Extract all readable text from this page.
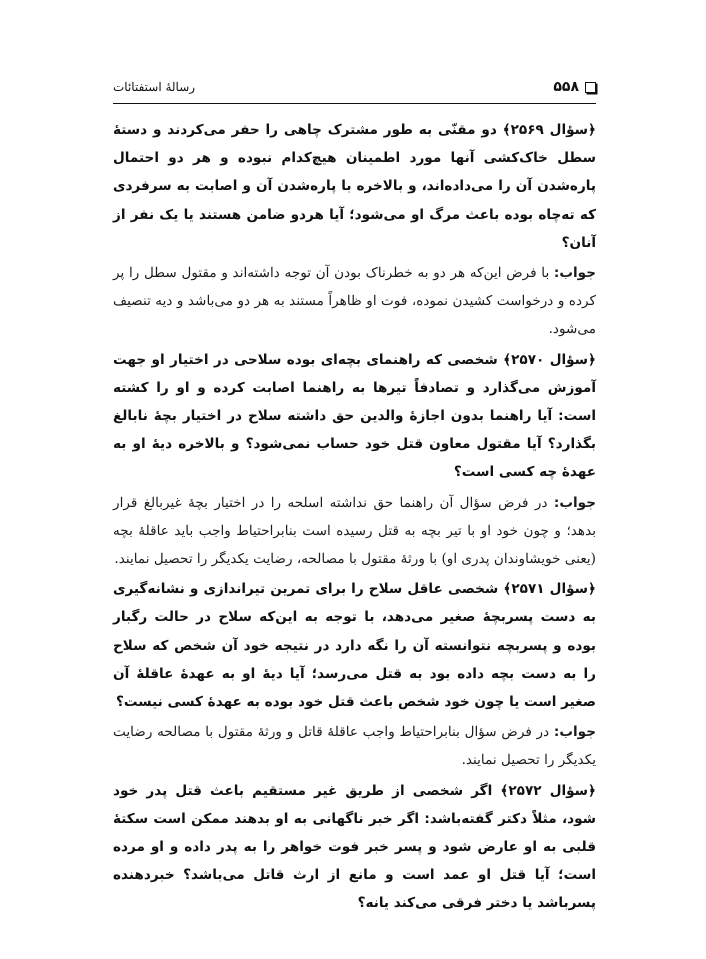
۵۵۸
رسالهٔ استفتائات

﴿سؤال ۲۵۶۹﴾ دو مقنّی به طور مشترک چاهی را حفر می‌کردند و دستهٔ سطل خاک‌کشی آنها مورد اطمینان هیچ‌کدام نبوده و هر دو احتمال پاره‌شدن آن را می‌داده‌اند، و بالاخره با پاره‌شدن آن و اصابت به سرفردی که ته‌چاه بوده باعث مرگ او می‌شود؛ آیا هردو ضامن هستند یا یک نفر از آنان؟

جواب: با فرض این‌که هر دو به خطرناک بودن آن توجه داشته‌اند و مقتول سطل را پر کرده و درخواست کشیدن نموده، فوت او ظاهراً مستند به هر دو می‌باشد و دیه تنصیف می‌شود.

﴿سؤال ۲۵۷۰﴾ شخصی که راهنمای بچه‌ای بوده سلاحی در اختیار او جهت آموزش می‌گذارد و تصادفاً تیرها به راهنما اصابت کرده و او را کشته است: آیا راهنما بدون اجازهٔ والدین حق داشته سلاح در اختیار بچهٔ نابالغ بگذارد؟ آیا مقتول معاون قتل خود حساب نمی‌شود؟ و بالاخره دیهٔ او به عهدهٔ چه کسی است؟

جواب: در فرض سؤال آن راهنما حق نداشته اسلحه را در اختیار بچهٔ غیربالغ قرار بدهد؛ و چون خود او با تیر بچه به قتل رسیده است بنابراحتیاط واجب باید عاقلهٔ بچه (یعنی خویشاوندان پدری او) با ورثهٔ مقتول با مصالحه، رضایت یکدیگر را تحصیل نمایند.

﴿سؤال ۲۵۷۱﴾ شخصی عاقل سلاح را برای تمرین تیراندازی و نشانه‌گیری به دست پسربچهٔ صغیر می‌دهد، با توجه به این‌که سلاح در حالت رگبار بوده و پسربچه نتوانسته آن را نگه دارد در نتیجه خود آن شخص که سلاح را به دست بچه داده بود به قتل می‌رسد؛ آیا دیهٔ او به عهدهٔ عاقلهٔ آن صغیر است یا چون خود شخص باعث قتل خود بوده به عهدهٔ کسی نیست؟

جواب: در فرض سؤال بنابراحتیاط واجب عاقلهٔ قاتل و ورثهٔ مقتول با مصالحه رضایت یکدیگر را تحصیل نمایند.

﴿سؤال ۲۵۷۲﴾ اگر شخصی از طریق غیر مستقیم باعث قتل پدر خود شود، مثلاً دکتر گفته‌باشد: اگر خبر ناگهانی به او بدهند ممکن است سکتهٔ قلبی به او عارض شود و پسر خبر فوت خواهر را به پدر داده و او مرده است؛ آیا قتل او عمد است و مانع از ارث قاتل می‌باشد؟ خبردهنده پسرباشد یا دختر فرقی می‌کند یانه؟
